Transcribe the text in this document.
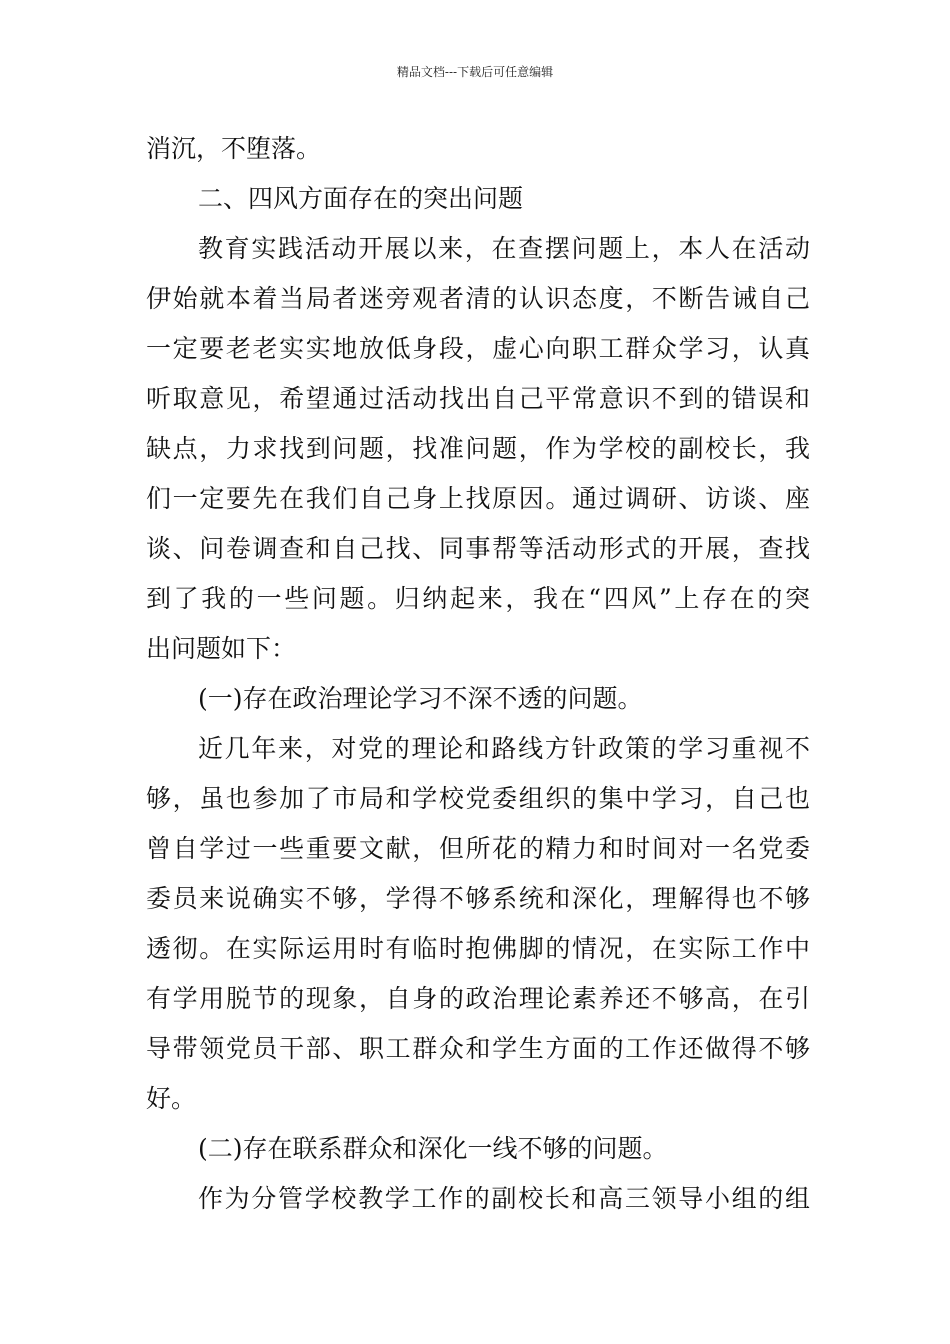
精品文档---下载后可任意编辑
消沉，不堕落。
二、四风方面存在的突出问题
教育实践活动开展以来，在查摆问题上，本人在活动
伊始就本着当局者迷旁观者清的认识态度，不断告诫自己
一定要老老实实地放低身段，虚心向职工群众学习，认真
听取意见，希望通过活动找出自己平常意识不到的错误和
缺点，力求找到问题，找准问题，作为学校的副校长，我
们一定要先在我们自己身上找原因。通过调研、访谈、座
谈、问卷调查和自己找、同事帮等活动形式的开展，查找
到了我的一些问题。归纳起来，我在“四风”上存在的突
出问题如下：
(一)存在政治理论学习不深不透的问题。
近几年来，对党的理论和路线方针政策的学习重视不
够，虽也参加了市局和学校党委组织的集中学习，自己也
曾自学过一些重要文献，但所花的精力和时间对一名党委
委员来说确实不够，学得不够系统和深化，理解得也不够
透彻。在实际运用时有临时抱佛脚的情况，在实际工作中
有学用脱节的现象，自身的政治理论素养还不够高，在引
导带领党员干部、职工群众和学生方面的工作还做得不够
好。
(二)存在联系群众和深化一线不够的问题。
作为分管学校教学工作的副校长和高三领导小组的组
